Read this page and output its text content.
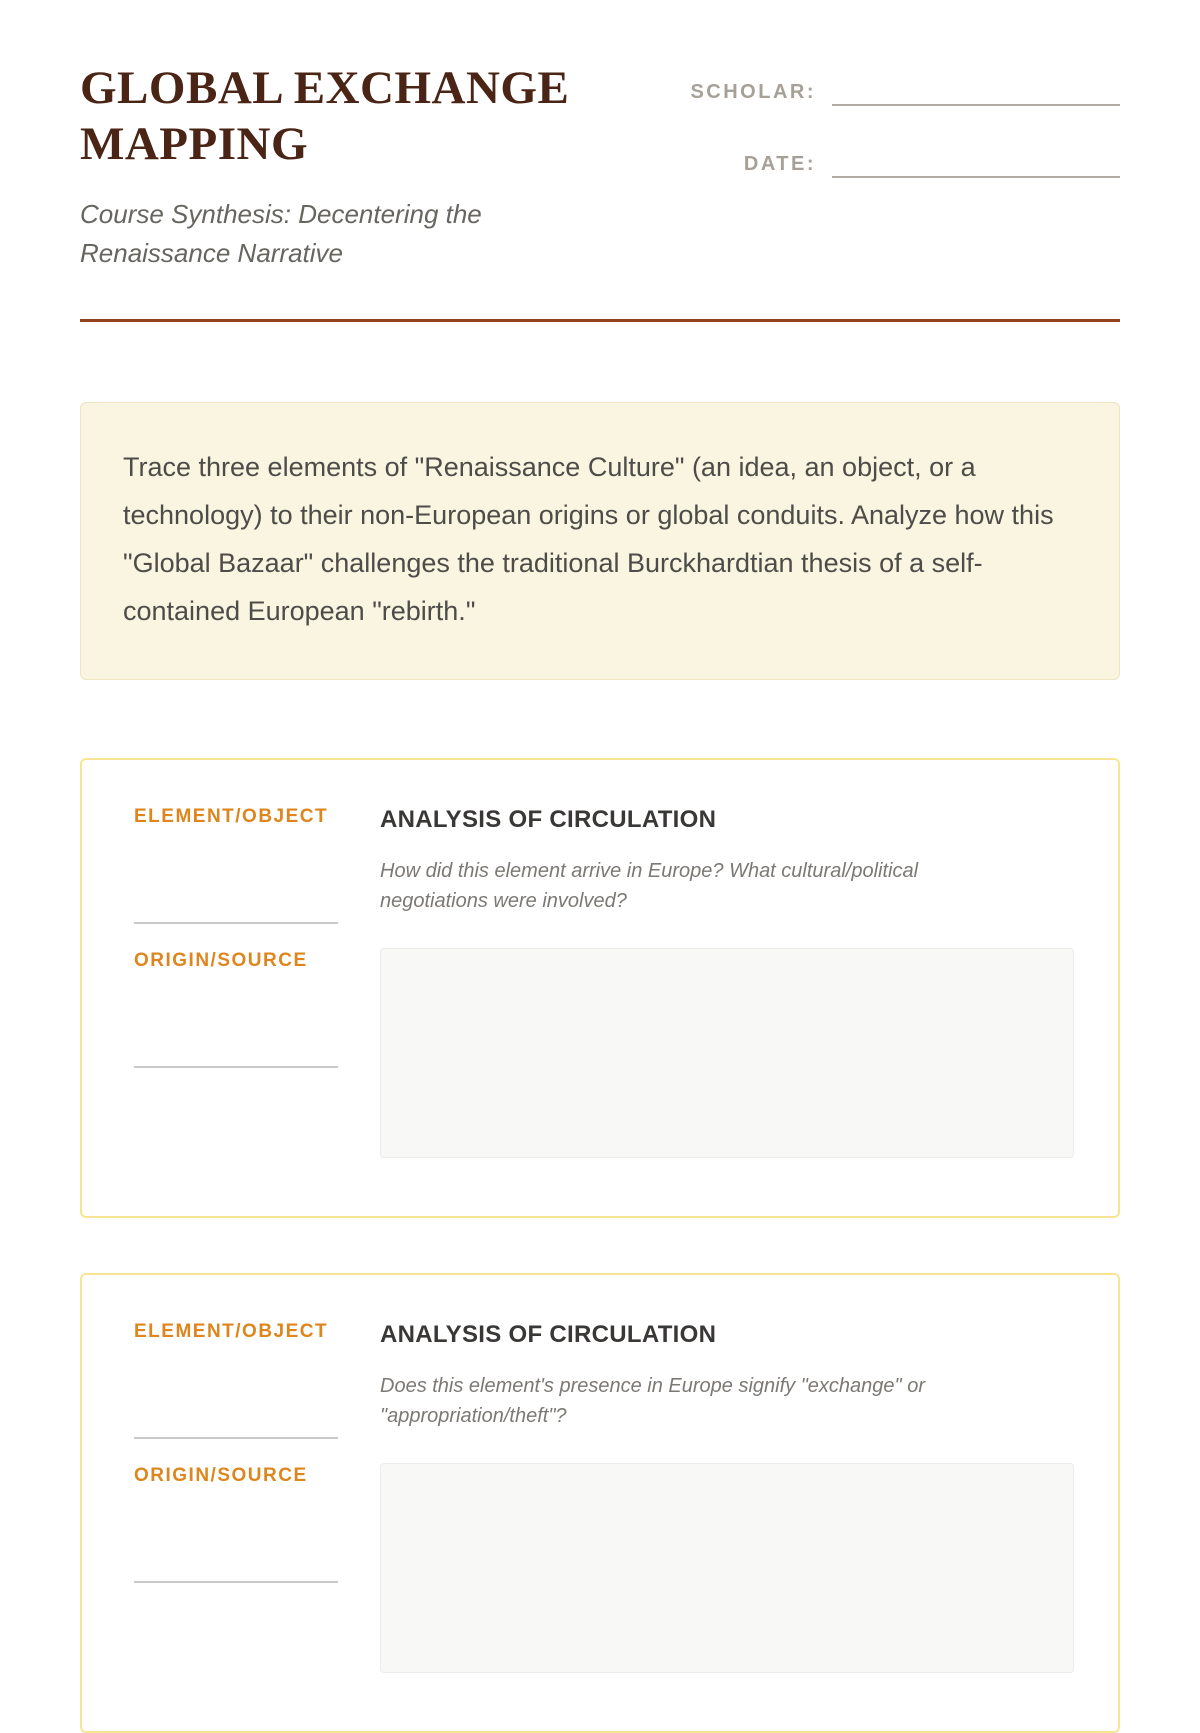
GLOBAL EXCHANGE
MAPPING
Course Synthesis: Decentering the Renaissance Narrative
SCHOLAR:
DATE:
Trace three elements of "Renaissance Culture" (an idea, an object, or a technology) to their non-European origins or global conduits. Analyze how this "Global Bazaar" challenges the traditional Burckhardtian thesis of a self-contained European "rebirth."
ELEMENT/OBJECT
ORIGIN/SOURCE
ANALYSIS OF CIRCULATION

How did this element arrive in Europe? What cultural/political negotiations were involved?

ELEMENT/OBJECT
ORIGIN/SOURCE
ANALYSIS OF CIRCULATION

Does this element's presence in Europe signify "exchange" or "appropriation/theft"?
